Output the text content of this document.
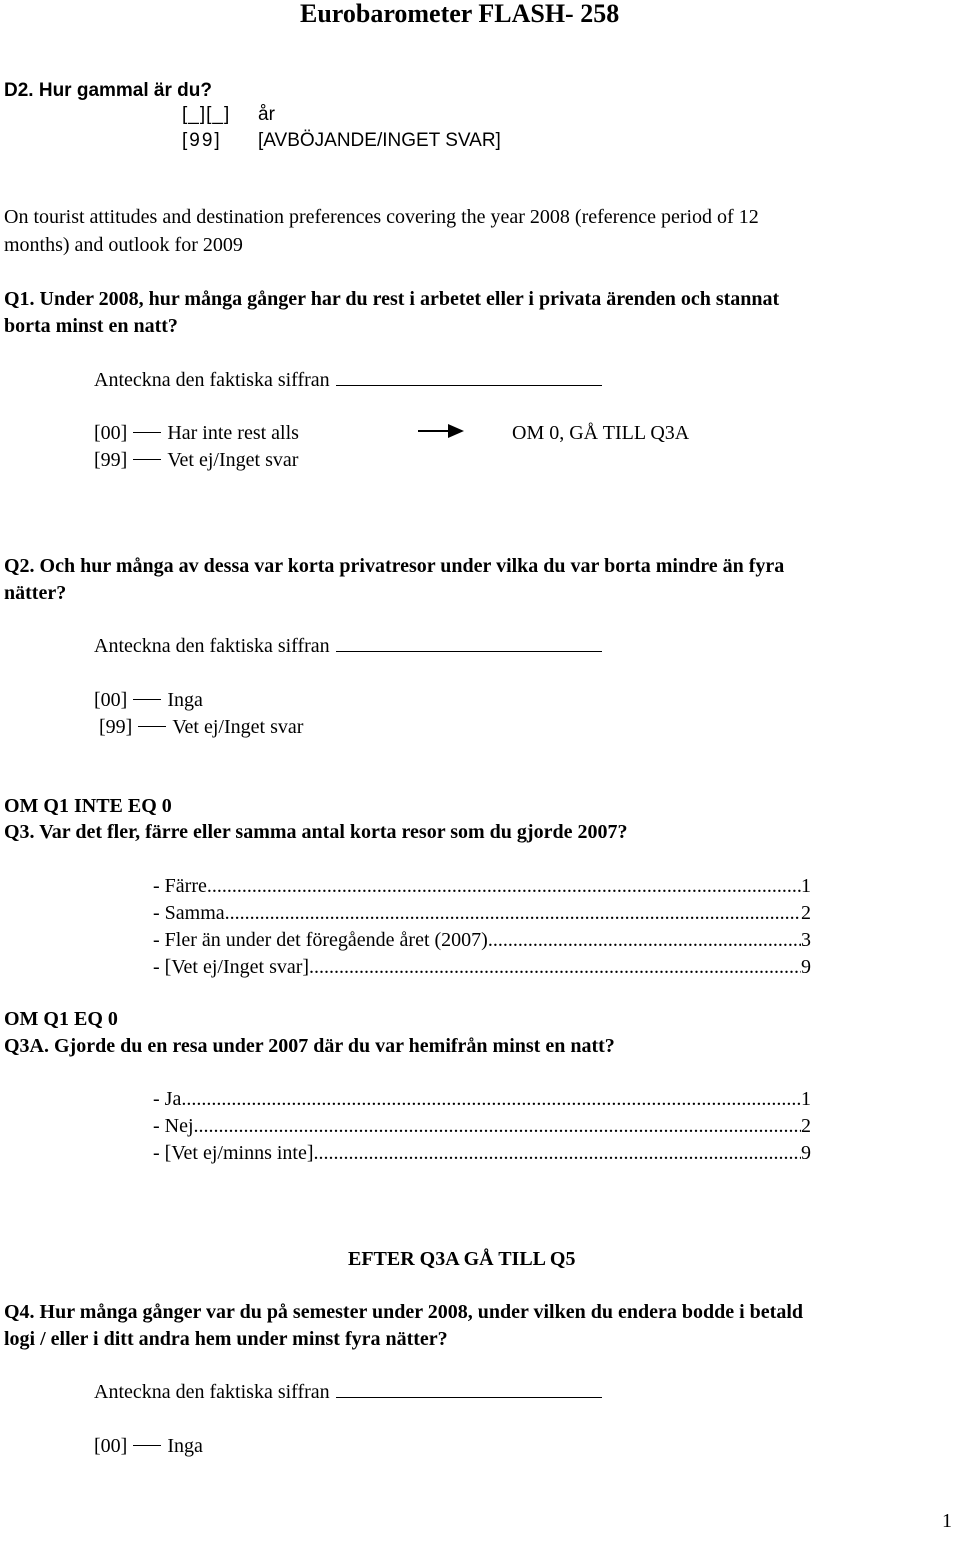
Eurobarometer FLASH- 258
D2. Hur gammal är du?
[_][_] år
[99] [AVBÖJANDE/INGET SVAR]
On tourist attitudes and destination preferences covering the year 2008 (reference period of 12
months) and outlook for 2009
Q1. Under 2008, hur många gånger har du rest i arbetet eller i privata ärenden och stannat
borta minst en natt?
Anteckna den faktiska siffran
[00] Har inte rest alls	OM 0, GÅ TILL Q3A
[99] Vet ej/Inget svar
Q2. Och hur många av dessa var korta privatresor under vilka du var borta mindre än fyra
nätter?
Anteckna den faktiska siffran
[00] Inga
[99] Vet ej/Inget svar
OM Q1 INTE EQ 0
Q3. Var det fler, färre eller samma antal korta resor som du gjorde 2007?
- Färre .....	1
- Samma .....	2
- Fler än under det föregående året (2007) .....	3
- [Vet ej/Inget svar] .....	9
OM Q1 EQ 0
Q3A. Gjorde du en resa under 2007 där du var hemifrån minst en natt?
- Ja .....	1
- Nej .....	2
- [Vet ej/minns inte] .....	9
EFTER Q3A GÅ TILL Q5
Q4. Hur många gånger var du på semester under 2008, under vilken du endera bodde i betald
logi / eller i ditt andra hem under minst fyra nätter?
Anteckna den faktiska siffran
[00] Inga
1
